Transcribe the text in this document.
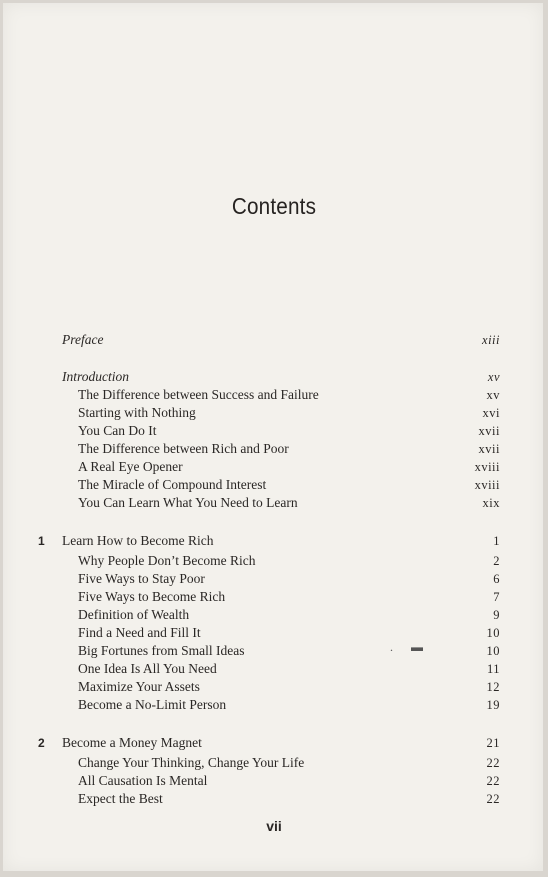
Contents
Preface	xiii
Introduction	xv
The Difference between Success and Failure	xv
Starting with Nothing	xvi
You Can Do It	xvii
The Difference between Rich and Poor	xvii
A Real Eye Opener	xviii
The Miracle of Compound Interest	xviii
You Can Learn What You Need to Learn	xix
1 Learn How to Become Rich	1
Why People Don’t Become Rich	2
Five Ways to Stay Poor	6
Five Ways to Become Rich	7
Definition of Wealth	9
Find a Need and Fill It	10
Big Fortunes from Small Ideas	10
One Idea Is All You Need	11
Maximize Your Assets	12
Become a No-Limit Person	19
2 Become a Money Magnet	21
Change Your Thinking, Change Your Life	22
All Causation Is Mental	22
Expect the Best	22
.      ▬
vii
